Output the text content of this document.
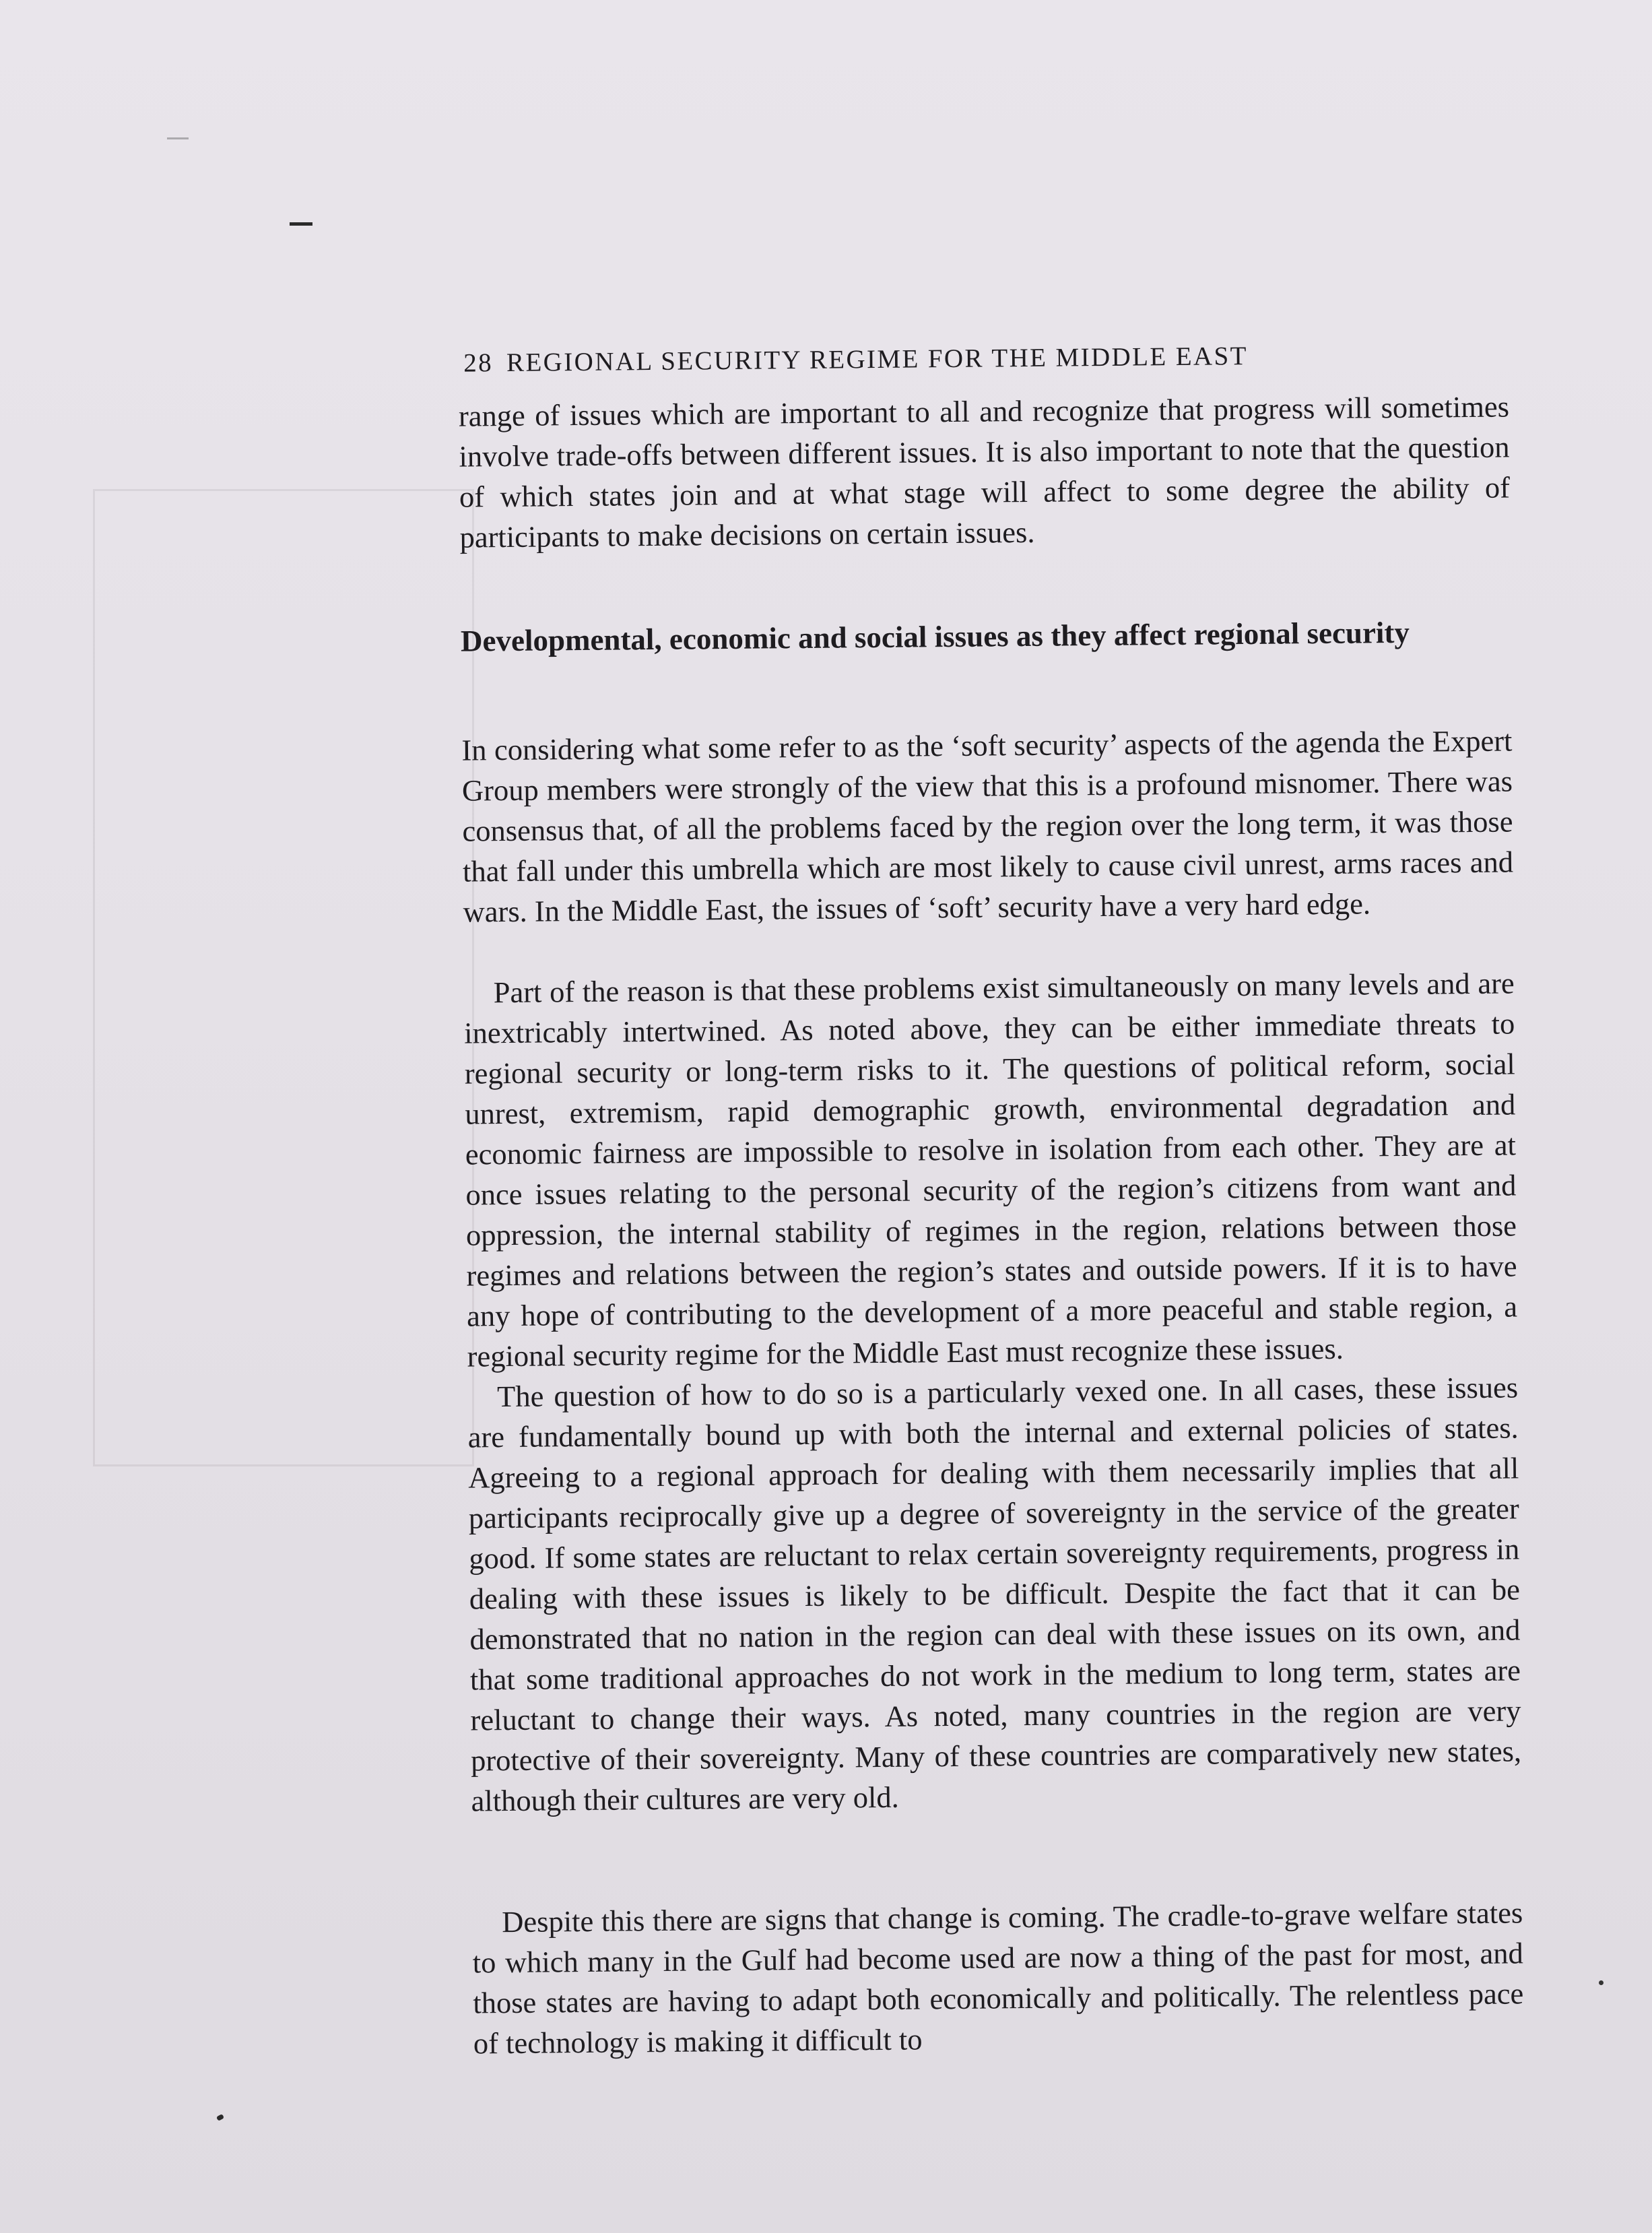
28 REGIONAL SECURITY REGIME FOR THE MIDDLE EAST

range of issues which are important to all and recognize that progress will sometimes involve trade-offs between different issues. It is also important to note that the question of which states join and at what stage will affect to some degree the ability of participants to make decisions on certain issues.

Developmental, economic and social issues as they affect regional security

In considering what some refer to as the ‘soft security’ aspects of the agenda the Expert Group members were strongly of the view that this is a profound misnomer. There was consensus that, of all the problems faced by the region over the long term, it was those that fall under this umbrella which are most likely to cause civil unrest, arms races and wars. In the Middle East, the issues of ‘soft’ security have a very hard edge.

Part of the reason is that these problems exist simultaneously on many levels and are inextricably intertwined. As noted above, they can be either immediate threats to regional security or long-term risks to it. The questions of political reform, social unrest, extremism, rapid demographic growth, environmental degradation and economic fairness are impossible to resolve in isolation from each other. They are at once issues relating to the personal security of the region’s citizens from want and oppression, the internal stability of regimes in the region, relations between those regimes and relations between the region’s states and outside powers. If it is to have any hope of contributing to the development of a more peaceful and stable region, a regional security regime for the Middle East must recognize these issues.

The question of how to do so is a particularly vexed one. In all cases, these issues are fundamentally bound up with both the internal and external policies of states. Agreeing to a regional approach for dealing with them necessarily implies that all participants reciprocally give up a degree of sovereignty in the service of the greater good. If some states are reluctant to relax certain sovereignty requirements, progress in dealing with these issues is likely to be difficult. Despite the fact that it can be demonstrated that no nation in the region can deal with these issues on its own, and that some traditional approaches do not work in the medium to long term, states are reluctant to change their ways. As noted, many countries in the region are very protective of their sovereignty. Many of these countries are comparatively new states, although their cultures are very old.

Despite this there are signs that change is coming. The cradle-to-grave welfare states to which many in the Gulf had become used are now a thing of the past for most, and those states are having to adapt both economically and politically. The relentless pace of technology is making it difficult to
